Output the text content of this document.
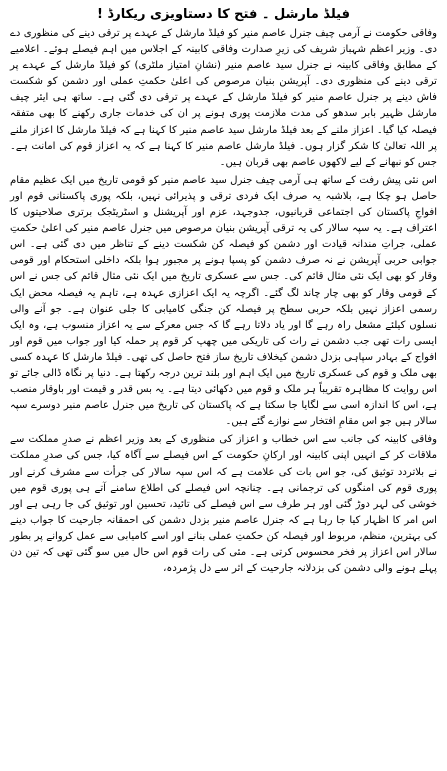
فیلڈ مارشل ۔ فتح کا دستاویزی ریکارڈ !

وفاقی حکومت نے آرمی چیف جنرل عاصم منیر کو فیلڈ مارشل کے عہدے پر ترقی دینے کی منظوری دے دی۔ وزیر اعظم شہباز شریف کی زیرِ صدارت وفاقی کابینہ کے اجلاس میں اہم فیصلے ہوئے۔ اعلامیے کے مطابق وفاقی کابینہ نے جنرل سید عاصم منیر (نشانِ امتیاز ملٹری) کو فیلڈ مارشل کے عہدے پر ترقی دینے کی منظوری دی۔ آپریشن بنیان مرصوص کی اعلیٰ حکمتِ عملی اور دشمن کو شکست فاش دینے پر جنرل عاصم منیر کو فیلڈ مارشل کے عہدے پر ترقی دی گئی ہے۔ ساتھ ہی ایئر چیف مارشل ظہیر بابر سدھو کی مدت ملازمت پوری ہونے پر ان کی خدمات جاری رکھنے کا بھی متفقہ فیصلہ کیا گیا۔ اعزاز ملنے کے بعد فیلڈ مارشل سید عاصم منیر کا کہنا ہے کہ فیلڈ مارشل کا اعزاز ملنے پر اللہ تعالیٰ کا شکر گزار ہوں۔ فیلڈ مارشل عاصم منیر کا کہنا ہے کہ یہ اعزاز قوم کی امانت ہے۔ جس کو نبھانے کے لیے لاکھوں عاصم بھی قربان ہیں۔

اس نئی پیش رفت کے ساتھ ہی آرمی چیف جنرل سید عاصم منیر کو قومی تاریخ میں ایک عظیم مقام حاصل ہو چکا ہے، بلاشبہ یہ صرف ایک فردی ترقی و پذیرائی نہیں، بلکہ پوری پاکستانی قوم اور افواجِ پاکستان کی اجتماعی قربانیوں، جدوجہد، عزم اور آپریشنل و اسٹریٹجک برتری صلاحیتوں کا اعتراف ہے۔ یہ سپہ سالار کی یہ ترقی آپریشن بنیان مرصوص میں جنرل عاصم منیر کی اعلیٰ حکمتِ عملی، جراتِ مندانہ قیادت اور دشمن کو فیصلہ کن شکست دینے کے تناظر میں دی گئی ہے۔ اس جوابی حربی آپریشن نے نہ صرف دشمن کو پسپا ہونے پر مجبور ہوا بلکہ داخلی استحکام اور قومی وقار کو بھی ایک نئی مثال قائم کی۔ جس سے عسکری تاریخ میں ایک نئی مثال قائم کی جس نے اس کے قومی وقار کو بھی چار چاند لگ گئے۔ اگرچہ یہ ایک اعزازی عہدہ ہے، تاہم یہ فیصلہ محض ایک رسمی اعزاز نہیں بلکہ حربی سطح پر فیصلہ کن جنگی کامیابی کا جلی عنوان ہے۔ جو آنے والی نسلوں کیلئے مشعل راہ رہے گا اور یاد دلاتا رہے گا کہ جس معرکے سے یہ اعزاز منسوب ہے، وہ ایک ایسی رات تھی جب دشمن نے رات کی تاریکی میں چھپ کر قوم پر حملہ کیا اور جواب میں قوم اور افواج کے بہادر سپاہی بزدل دشمن کیخلاف تاریخ ساز فتح حاصل کی تھی۔ فیلڈ مارشل کا عہدہ کسی بھی ملک و قوم کی عسکری تاریخ میں ایک اہم اور بلند ترین درجہ رکھتا ہے۔ دنیا پر نگاہ ڈالی جائے تو اس روایت کا مظاہرہ تقریباً ہر ملک و قوم میں دکھائی دیتا ہے۔ یہ بس قدر و قیمت اور باوقار منصب ہے، اس کا اندازہ اسی سے لگایا جا سکتا ہے کہ پاکستان کی تاریخ میں جنرل عاصم منیر دوسرے سپہ سالار ہیں جو اس مقامِ افتخار سے نوازے گئے ہیں۔

وفاقی کابینہ کی جانب سے اس خطاب و اعزاز کی منظوری کے بعد وزیر اعظم نے صدرِ مملکت سے ملاقات کر کے انہیں اپنی کابینہ اور ارکانِ حکومت کے اس فیصلے سے آگاہ کیا، جس کی صدرِ مملکت نے بلاتردد توثیق کی، جو اس بات کی علامت ہے کہ اس سپہ سالار کی جرأت سے مشرف کرنے اور پوری قوم کی امنگوں کی ترجمانی ہے۔ چنانچہ اس فیصلے کی اطلاع سامنے آتے ہی پوری قوم میں خوشی کی لہر دوڑ گئی اور ہر طرف سے اس فیصلے کی تائید، تحسین اور توثیق کی جا رہی ہے اور اس امر کا اظہار کیا جا رہا ہے کہ جنرل عاصم منیر بزدل دشمن کی احمقانہ جارحیت کا جواب دینے کی بہترین، منظم، مربوط اور فیصلہ کن حکمتِ عملی بنانے اور اسے کامیابی سے عمل کروانے پر بطور سالار اس اعزاز پر فخر محسوس کرتی ہے۔ مئی کی رات قوم اس حال میں سو گئی تھی کہ تین دن پہلے ہونے والی دشمن کی بزدلانہ جارحیت کے اثر سے دل پژمردہ،
